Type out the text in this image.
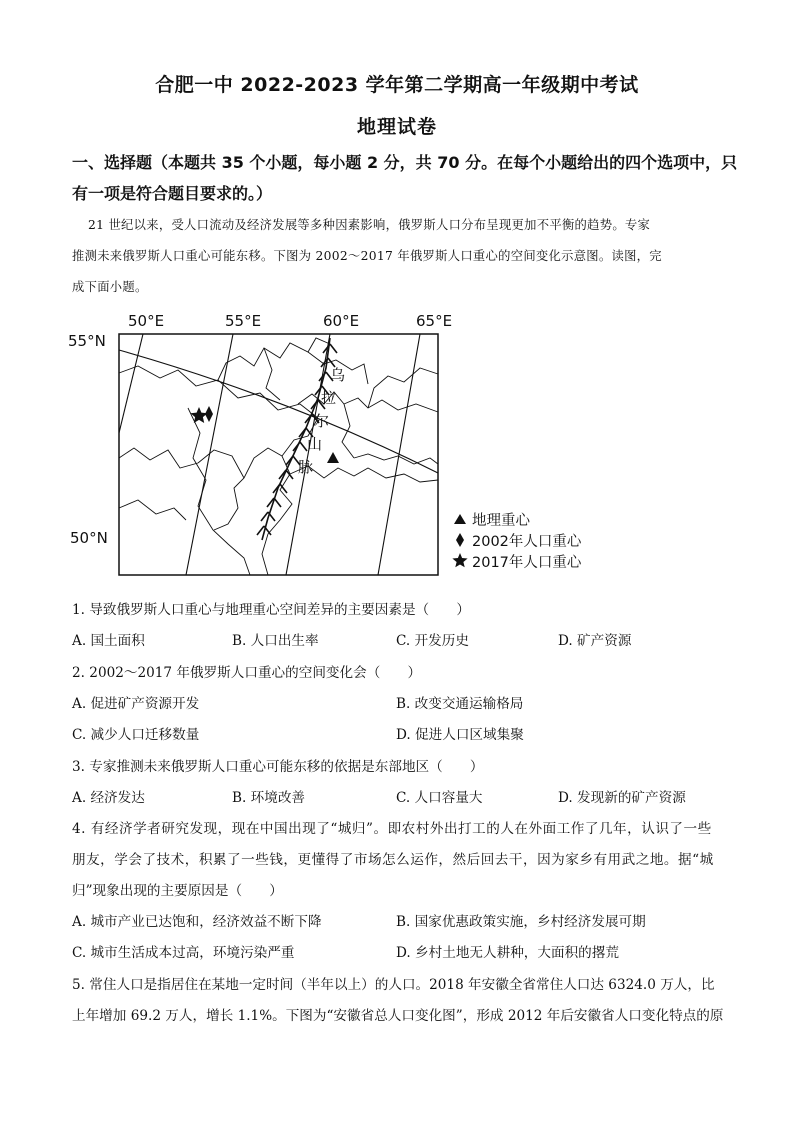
合肥一中 2022-2023 学年第二学期高一年级期中考试
地理试卷
一、选择题（本题共 35 个小题，每小题 2 分，共 70 分。在每个小题给出的四个选项中，只
有一项是符合题目要求的。）
21 世纪以来，受人口流动及经济发展等多种因素影响，俄罗斯人口分布呈现更加不平衡的趋势。专家
推测未来俄罗斯人口重心可能东移。下图为 2002～2017 年俄罗斯人口重心的空间变化示意图。读图，完
成下面小题。
50°E	55°E	60°E	65°E
55°N
50°N
乌
拉
尔
山
脉
地理重心
2002年人口重心
2017年人口重心
1. 导致俄罗斯人口重心与地理重心空间差异的主要因素是（　　）
A. 国土面积	B. 人口出生率	C. 开发历史	D. 矿产资源
2. 2002～2017 年俄罗斯人口重心的空间变化会（　　）
A. 促进矿产资源开发	B. 改变交通运输格局
C. 减少人口迁移数量	D. 促进人口区域集聚
3. 专家推测未来俄罗斯人口重心可能东移的依据是东部地区（　　）
A. 经济发达	B. 环境改善	C. 人口容量大	D. 发现新的矿产资源
4. 有经济学者研究发现，现在中国出现了“城归”。即农村外出打工的人在外面工作了几年，认识了一些
朋友，学会了技术，积累了一些钱，更懂得了市场怎么运作，然后回去干，因为家乡有用武之地。据“城
归”现象出现的主要原因是（　　）
A. 城市产业已达饱和，经济效益不断下降	B. 国家优惠政策实施，乡村经济发展可期
C. 城市生活成本过高，环境污染严重	D. 乡村土地无人耕种，大面积的撂荒
5. 常住人口是指居住在某地一定时间（半年以上）的人口。2018 年安徽全省常住人口达 6324.0 万人，比
上年增加 69.2 万人，增长 1.1%。下图为“安徽省总人口变化图”，形成 2012 年后安徽省人口变化特点的原
